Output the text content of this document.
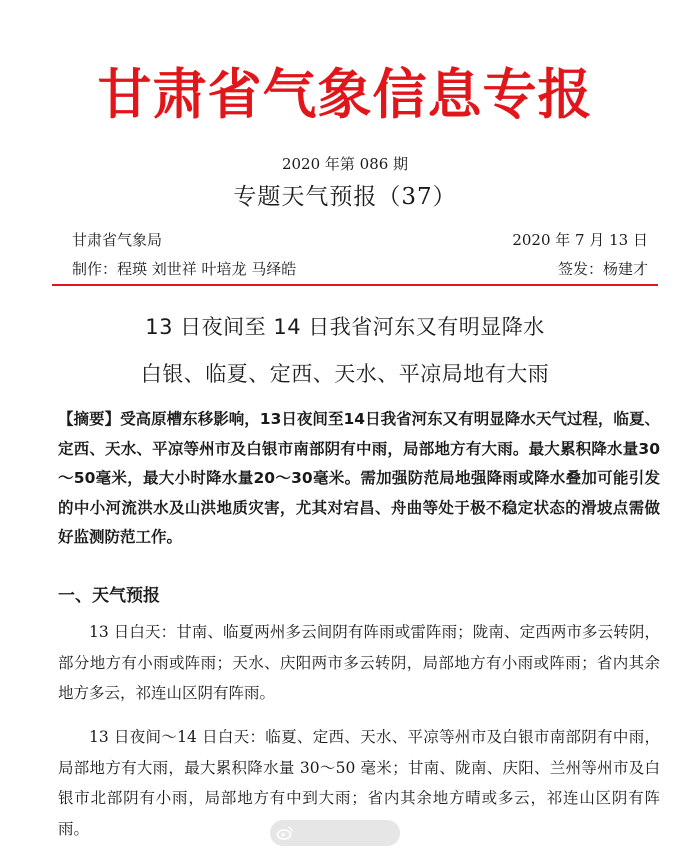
甘肃省气象信息专报
2020 年第 086 期
专题天气预报（37）
甘肃省气象局	2020 年 7 月 13 日
制作：程瑛 刘世祥 叶培龙 马绎皓	签发：杨建才
13 日夜间至 14 日我省河东又有明显降水
白银、临夏、定西、天水、平凉局地有大雨
【摘要】受高原槽东移影响，13日夜间至14日我省河东又有明显降水天气过程，临夏、定西、天水、平凉等州市及白银市南部阴有中雨，局部地方有大雨。最大累积降水量30～50毫米，最大小时降水量20～30毫米。需加强防范局地强降雨或降水叠加可能引发的中小河流洪水及山洪地质灾害，尤其对宕昌、舟曲等处于极不稳定状态的滑坡点需做好监测防范工作。
一、天气预报
13 日白天：甘南、临夏两州多云间阴有阵雨或雷阵雨；陇南、定西两市多云转阴，部分地方有小雨或阵雨；天水、庆阳两市多云转阴，局部地方有小雨或阵雨；省内其余地方多云，祁连山区阴有阵雨。
13 日夜间～14 日白天：临夏、定西、天水、平凉等州市及白银市南部阴有中雨，局部地方有大雨，最大累积降水量 30～50 毫米；甘南、陇南、庆阳、兰州等州市及白银市北部阴有小雨，局部地方有中到大雨；省内其余地方晴或多云，祁连山区阴有阵雨。
